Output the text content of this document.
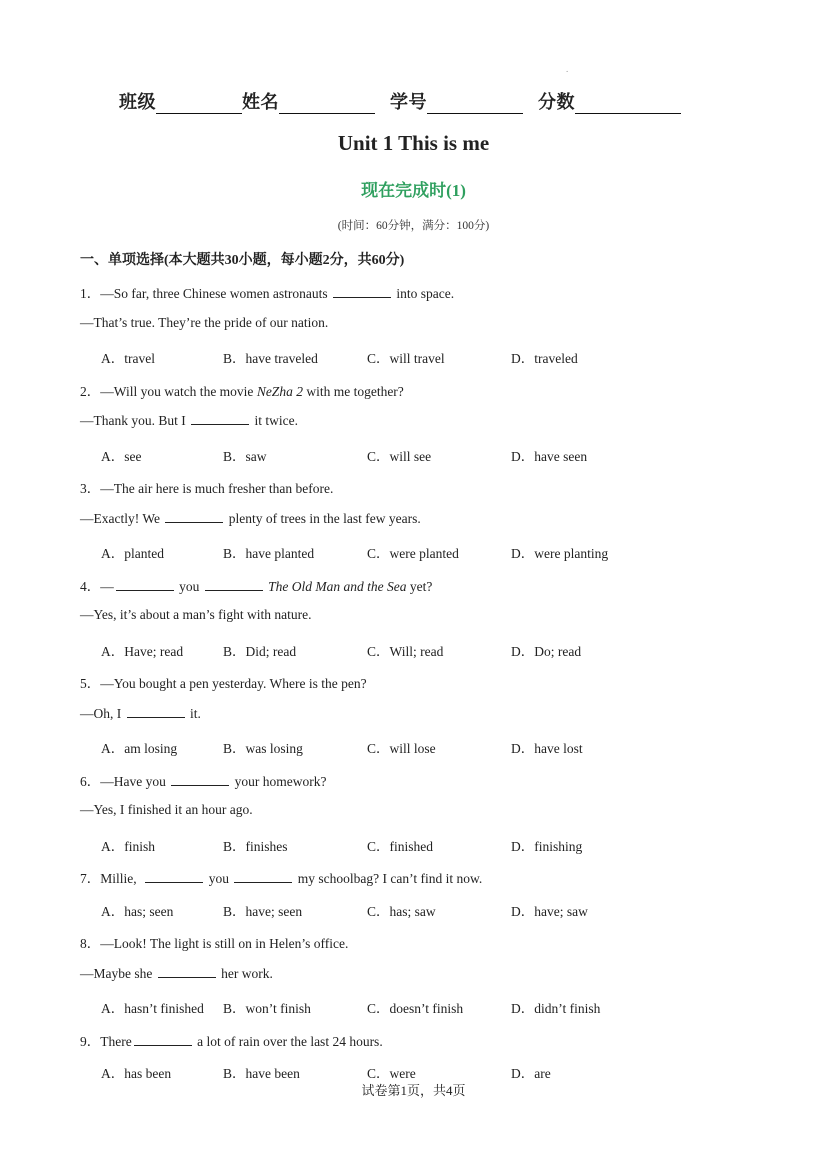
.
班级	姓名	学号	分数
Unit 1 This is me
现在完成时(1)
(时间：60分钟，满分：100分)
一、单项选择(本大题共30小题，每小题2分，共60分)
1．—So far, three Chinese women astronauts	into space.
—That’s true. They’re the pride of our nation.
A．travel	B．have traveled	C．will travel	D．traveled
2．—Will you watch the movie NeZha 2 with me together?
—Thank you. But I	it twice.
A．see	B．saw	C．will see	D．have seen
3．—The air here is much fresher than before.
—Exactly! We	plenty of trees in the last few years.
A．planted	B．have planted	C．were planted	D．were planting
4．—	you	The Old Man and the Sea yet?
—Yes, it’s about a man’s fight with nature.
A．Have; read	B．Did; read	C．Will; read	D．Do; read
5．—You bought a pen yesterday. Where is the pen?
—Oh, I	it.
A．am losing	B．was losing	C．will lose	D．have lost
6．—Have you	your homework?
—Yes, I finished it an hour ago.
A．finish	B．finishes	C．finished	D．finishing
7．Millie,	you	my schoolbag? I can’t find it now.
A．has; seen	B．have; seen	C．has; saw	D．have; saw
8．—Look! The light is still on in Helen’s office.
—Maybe she	her work.
A．hasn’t finished B．won’t finish	C．doesn’t finish	D．didn’t finish
9．There	a lot of rain over the last 24 hours.
A．has been	B．have been	C．were	D．are
试卷第1页，共4页
